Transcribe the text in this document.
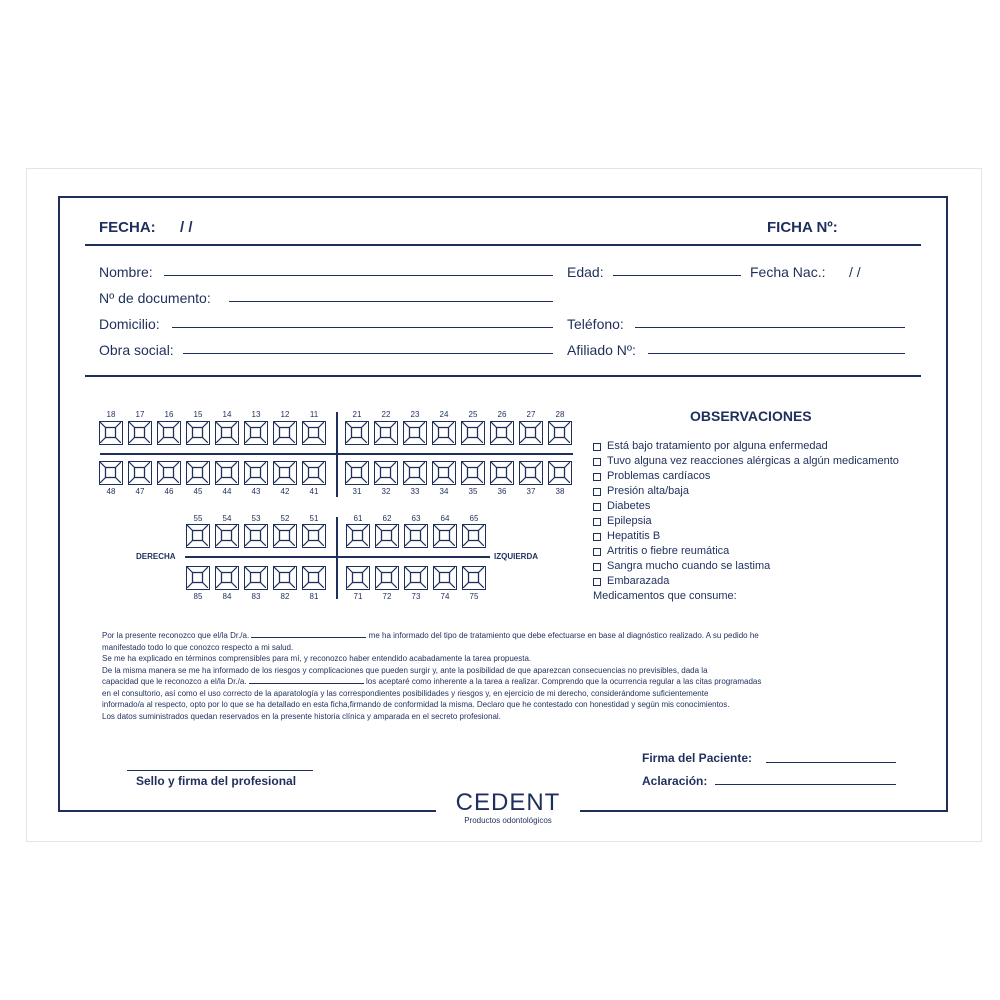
FECHA: / /	FICHA Nº:
Nombre:	Edad:	Fecha Nac.: / /
Nº de documento:
Domicilio:	Teléfono:
Obra social:	Afiliado Nº:
18	17	16	15	14	13	12	11	21	22	23	24	25	26	27	28
48	47	46	45	44	43	42	41	31	32	33	34	35	36	37	38
55	54	53	52	51	61	62	63	64	65
85	84	83	82	81	71	72	73	74	75
DERECHA	IZQUIERDA
OBSERVACIONES
Está bajo tratamiento por alguna enfermedad
Tuvo alguna vez reacciones alérgicas a algún medicamento
Problemas cardíacos
Presión alta/baja
Diabetes
Epilepsia
Hepatitis B
Artritis o fiebre reumática
Sangra mucho cuando se lastima
Embarazada
Medicamentos que consume:

Por la presente reconozco que el/la Dr./a.	me ha informado del tipo de tratamiento que debe efectuarse en base al diagnóstico realizado. A su pedido he

manifestado todo lo que conozco respecto a mi salud.

Se me ha explicado en términos comprensibles para mí, y reconozco haber entendido acabadamente la tarea propuesta.

De la misma manera se me ha informado de los riesgos y complicaciones que pueden surgir y, ante la posibilidad de que aparezcan consecuencias no previsibles, dada la

capacidad que le reconozco a el/la Dr./a.	los aceptaré como inherente a la tarea a realizar. Comprendo que la ocurrencia regular a las citas programadas

en el consultorio, así como el uso correcto de la aparatología y las correspondientes posibilidades y riesgos y, en ejercicio de mi derecho, considerándome suficientemente

informado/a al respecto, opto por lo que se ha detallado en esta ficha,firmando de conformidad la misma. Declaro que he contestado con honestidad y según mis conocimientos.

Los datos suministrados quedan reservados en la presente historia clínica y amparada en el secreto profesional.

Firma del Paciente:
Aclaración:
Sello y firma del profesional
CEDENT
Productos odontológicos
